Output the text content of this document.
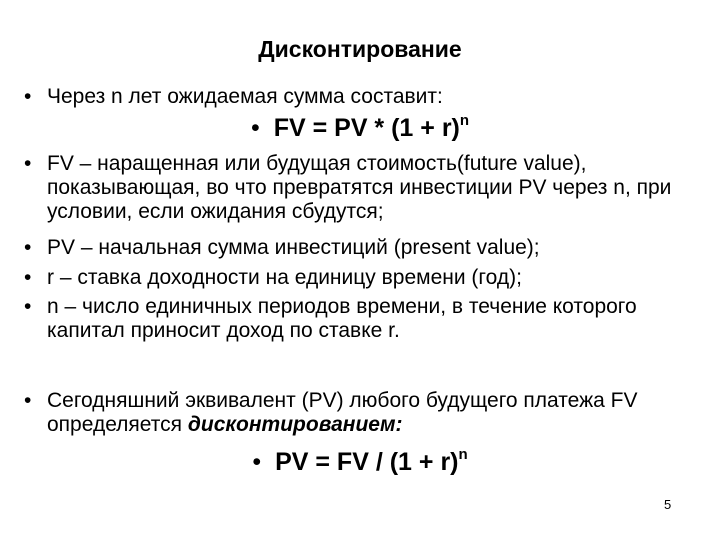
Дисконтирование
• Через n лет ожидаемая сумма составит:
• FV = PV * $(1 + r)^n$
• FV – наращенная или будущая стоимость(future value), показывающая, во что превратятся инвестиции PV через n, при условии, если ожидания сбудутся;
• PV – начальная сумма инвестиций (present value);
• r – ставка доходности на единицу времени (год);
• n – число единичных периодов времени, в течение которого капитал приносит доход по ставке r.
• Сегодняшний эквивалент (PV) любого будущего платежа FV определяется дисконтированием:
• PV = FV / $(1 + r)^n$
5
